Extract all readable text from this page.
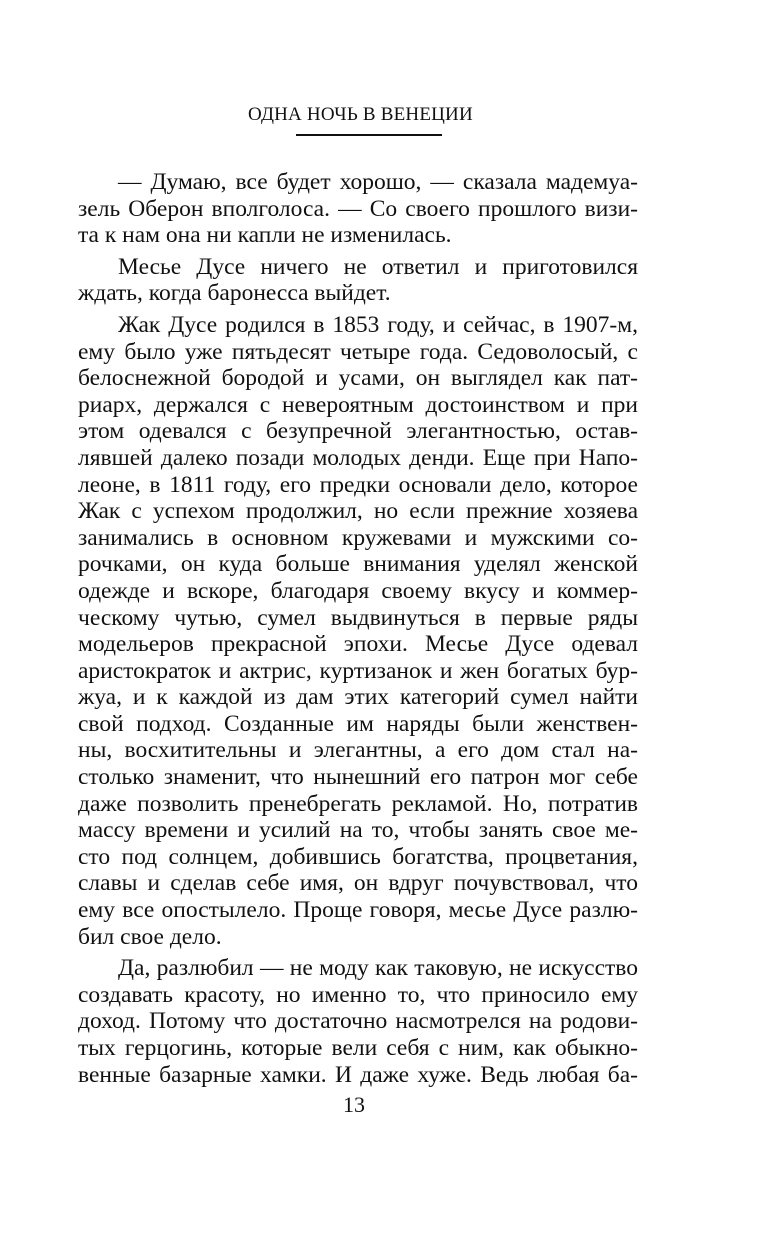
ОДНА НОЧЬ В ВЕНЕЦИИ
— Думаю, все будет хорошо, — сказала мадемуа-
зель Оберон вполголоса. — Со своего прошлого визи-
та к нам она ни капли не изменилась.
Месье Дусе ничего не ответил и приготовился
ждать, когда баронесса выйдет.
Жак Дусе родился в 1853 году, и сейчас, в 1907-м,
ему было уже пятьдесят четыре года. Седоволосый, с
белоснежной бородой и усами, он выглядел как пат-
риарх, держался с невероятным достоинством и при
этом одевался с безупречной элегантностью, остав-
лявшей далеко позади молодых денди. Еще при Напо-
леоне, в 1811 году, его предки основали дело, которое
Жак с успехом продолжил, но если прежние хозяева
занимались в основном кружевами и мужскими со-
рочками, он куда больше внимания уделял женской
одежде и вскоре, благодаря своему вкусу и коммер-
ческому чутью, сумел выдвинуться в первые ряды
модельеров прекрасной эпохи. Месье Дусе одевал
аристократок и актрис, куртизанок и жен богатых бур-
жуа, и к каждой из дам этих категорий сумел найти
свой подход. Созданные им наряды были женствен-
ны, восхитительны и элегантны, а его дом стал на-
столько знаменит, что нынешний его патрон мог себе
даже позволить пренебрегать рекламой. Но, потратив
массу времени и усилий на то, чтобы занять свое ме-
сто под солнцем, добившись богатства, процветания,
славы и сделав себе имя, он вдруг почувствовал, что
ему все опостылело. Проще говоря, месье Дусе разлю-
бил свое дело.
Да, разлюбил — не моду как таковую, не искусство
создавать красоту, но именно то, что приносило ему
доход. Потому что достаточно насмотрелся на родови-
тых герцогинь, которые вели себя с ним, как обыкно-
венные базарные хамки. И даже хуже. Ведь любая ба-
13
